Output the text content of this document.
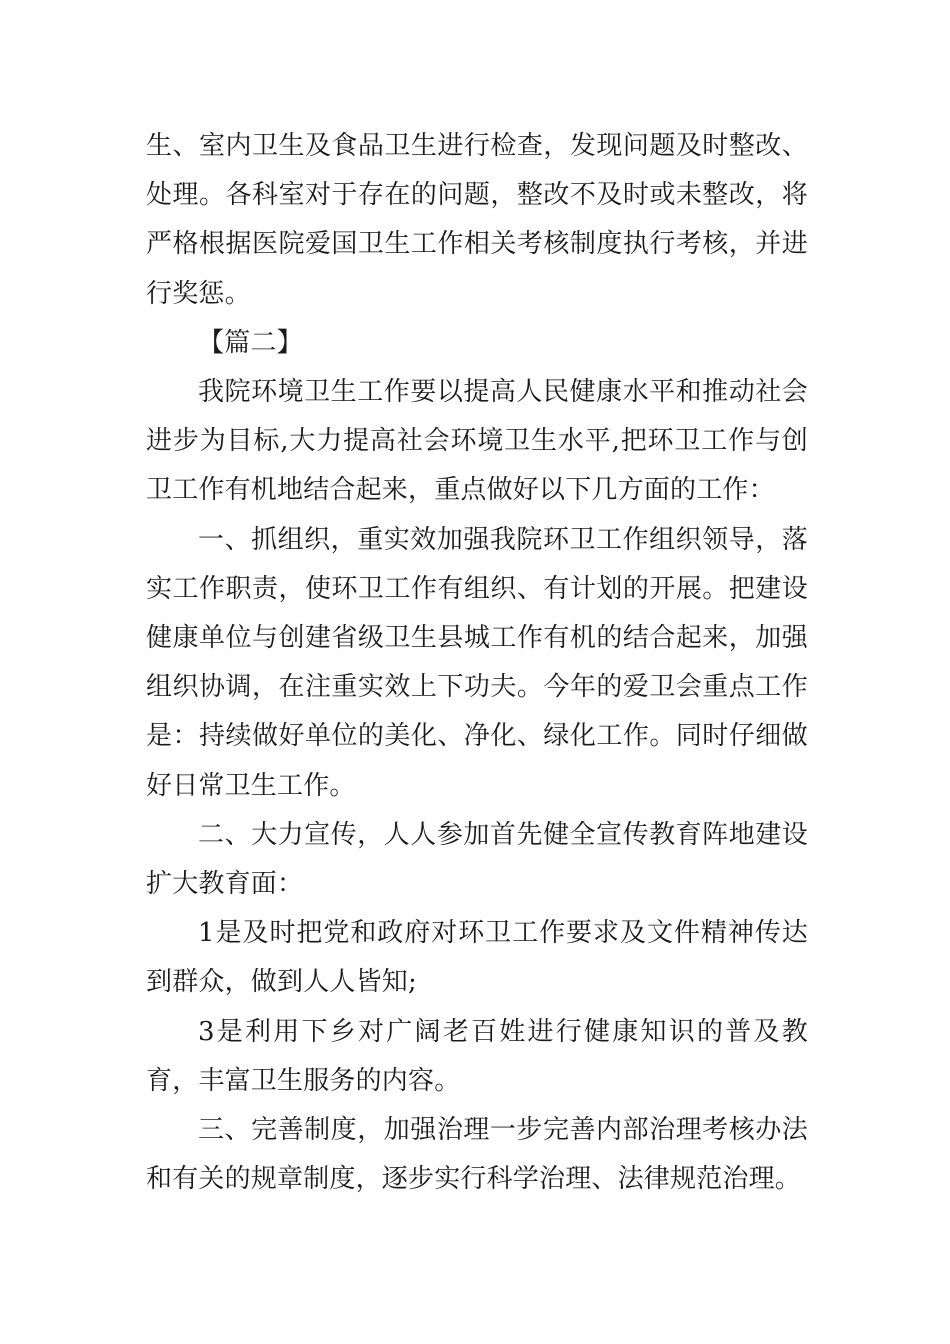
生、室内卫生及食品卫生进行检查，发现问题及时整改、处理。各科室对于存在的问题，整改不及时或未整改，将严格根据医院爱国卫生工作相关考核制度执行考核，并进行奖惩。

【篇二】

我院环境卫生工作要以提高人民健康水平和推动社会进步为目标,大力提高社会环境卫生水平,把环卫工作与创卫工作有机地结合起来，重点做好以下几方面的工作：

一、抓组织，重实效加强我院环卫工作组织领导，落实工作职责，使环卫工作有组织、有计划的开展。把建设健康单位与创建省级卫生县城工作有机的结合起来，加强组织协调，在注重实效上下功夫。今年的爱卫会重点工作是：持续做好单位的美化、净化、绿化工作。同时仔细做好日常卫生工作。

二、大力宣传，人人参加首先健全宣传教育阵地建设扩大教育面：

1是及时把党和政府对环卫工作要求及文件精神传达到群众，做到人人皆知;

3是利用下乡对广阔老百姓进行健康知识的普及教育，丰富卫生服务的内容。

三、完善制度，加强治理一步完善内部治理考核办法和有关的规章制度，逐步实行科学治理、法律规范治理。
